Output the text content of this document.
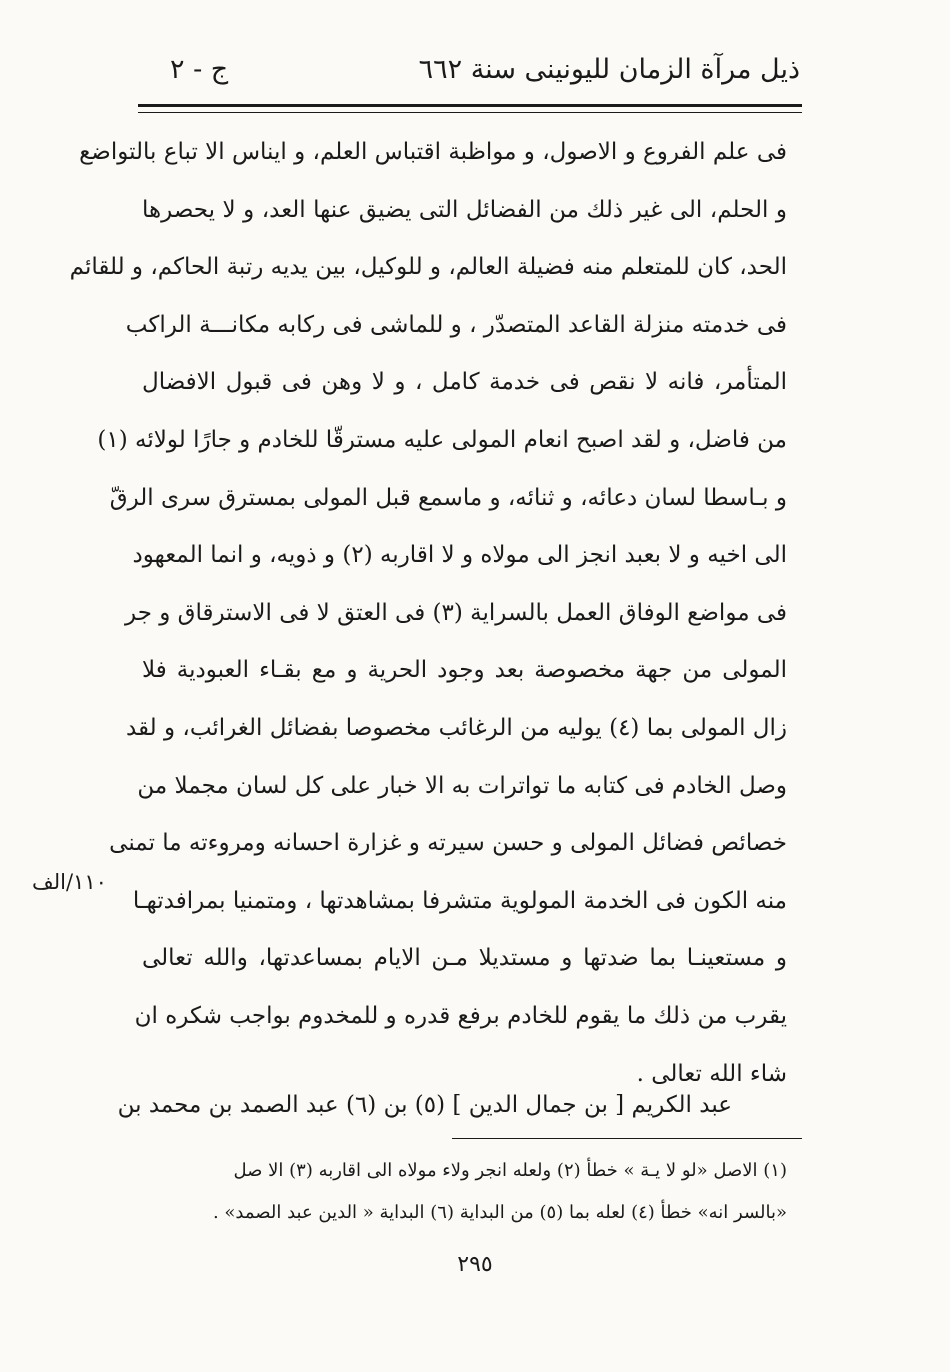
ذيل مرآة الزمان لليونينى سنة ٦٦٢
ج - ٢
فى علم الفروع و الاصول، و مواظبة اقتباس العلم، و ايناس الا تباع بالتواضع
و الحلم، الى غير ذلك من الفضائل التى يضيق عنها العد، و لا يحصرها
الحد، كان للمتعلم منه فضيلة العالم، و للوكيل، بين يديه رتبة الحاكم، و للقائم
فى خدمته منزلة القاعد المتصدّر ، و للماشى فى ركابه مكانـــة الراكب
المتأمر، فانه لا نقص فى خدمة كامل ، و لا وهن فى قبول الافضال
من فاضل، و لقد اصبح انعام المولى عليه مسترقّا للخادم و جارًا لولائه (١)
و بـاسطا لسان دعائه، و ثنائه، و ماسمع قبل المولى بمسترق سرى الرقّ
الى اخيه و لا بعبد انجز الى مولاه و لا اقاربه (٢) و ذويه، و انما المعهود
فى مواضع الوفاق العمل بالسراية (٣) فى العتق لا فى الاسترقاق و جر
المولى من جهة مخصوصة بعد وجود الحرية و مع بقـاء العبودية فلا
زال المولى بما (٤) يوليه من الرغائب مخصوصا بفضائل الغرائب، و لقد
وصل الخادم فى كتابه ما تواترات به الا خبار على كل لسان مجملا من
خصائص فضائل المولى و حسن سيرته و غزارة احسانه ومروءته ما تمنى
منه الكون فى الخدمة المولوية متشرفا بمشاهدتها ، ومتمنيا بمرافدتهـا
و مستعينـا بما ضدتها و مستديلا مـن الايام بمساعدتها، والله تعالى
يقرب من ذلك ما يقوم للخادم برفع قدره و للمخدوم بواجب شكره ان
شاء الله تعالى .
١١٠/الف
عبد الكريم [ بن جمال الدين ] (٥) بن (٦) عبد الصمد بن محمد بن
(١) الاصل «لو لا يـة » خطأ (٢) ولعله انجر ولاء مولاه الى اقاربه (٣) الا صل
«بالسر انه» خطأ (٤) لعله بما (٥) من البداية (٦) البداية « الدين عبد الصمد» .
٢٩٥
